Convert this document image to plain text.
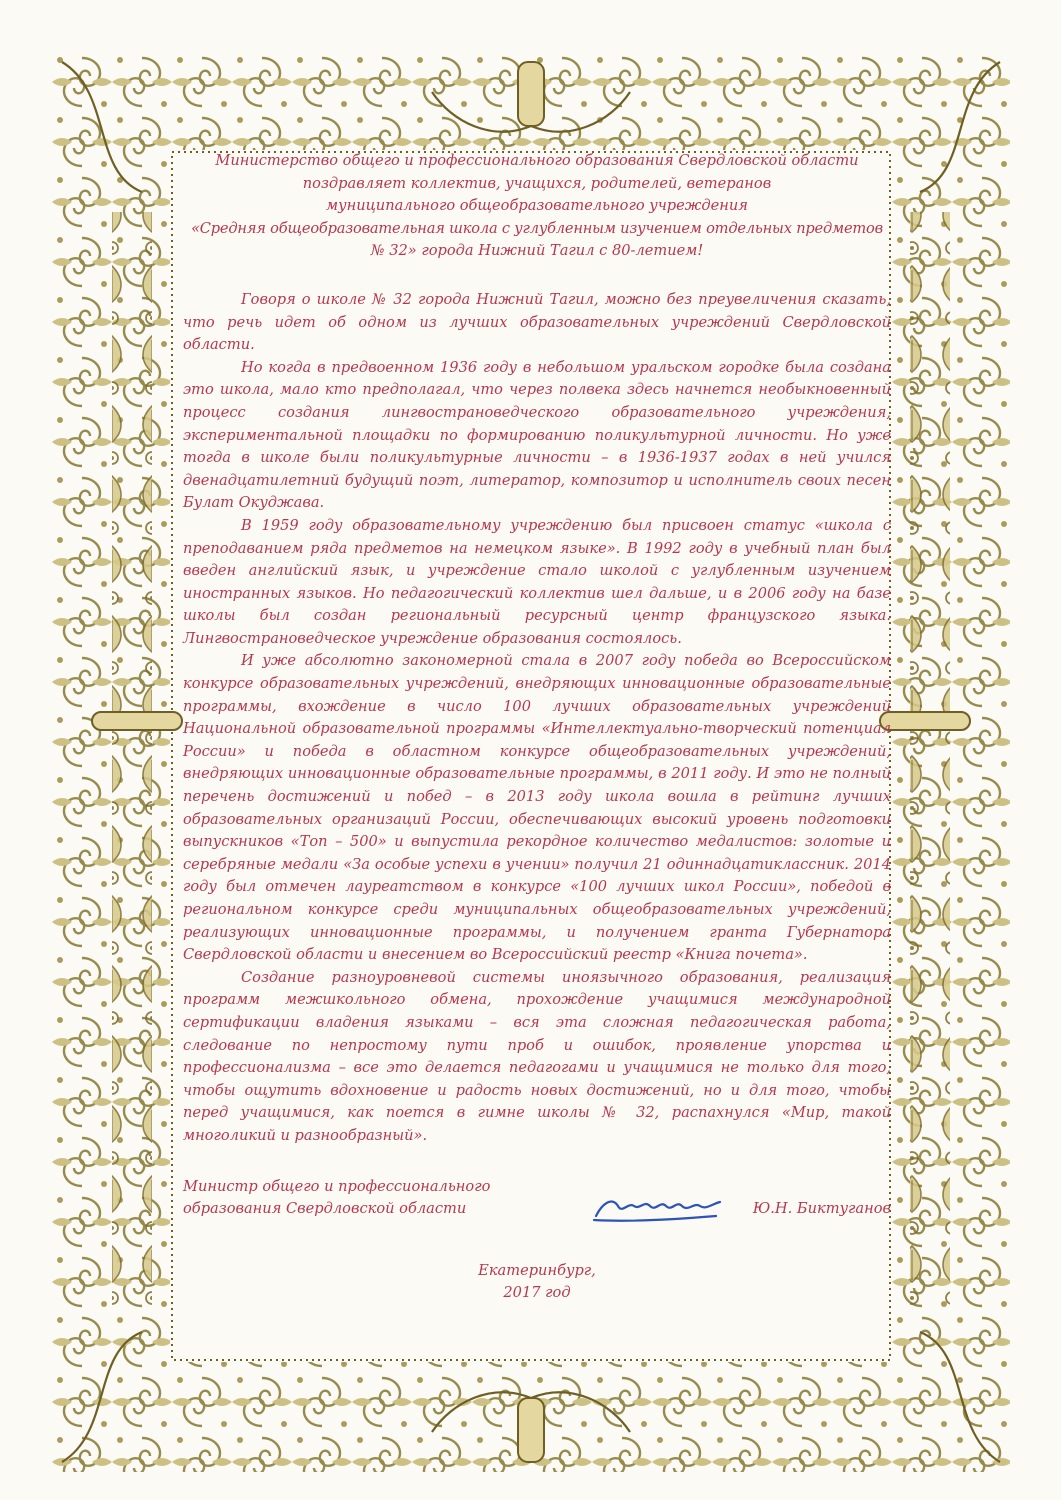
Министерство общего и профессионального образования Свердловской области
поздравляет коллектив, учащихся, родителей, ветеранов
муниципального общеобразовательного учреждения
«Средняя общеобразовательная школа с углубленным изучением отдельных предметов
№ 32» города Нижний Тагил с 80-летием!

Говоря о школе № 32 города Нижний Тагил, можно без преувеличения сказать, что речь идет об одном из лучших образовательных учреждений Свердловской области.

Но когда в предвоенном 1936 году в небольшом уральском городке была создана это школа, мало кто предполагал, что через полвека здесь начнется необыкновенный процесс создания лингвострановедческого образовательного учреждения, экспериментальной площадки по формированию поликультурной личности. Но уже тогда в школе были поликультурные личности – в 1936-1937 годах в ней учился двенадцатилетний будущий поэт, литератор, композитор и исполнитель своих песен Булат Окуджава.

В 1959 году образовательному учреждению был присвоен статус «школа с преподаванием ряда предметов на немецком языке». В 1992 году в учебный план был введен английский язык, и учреждение стало школой с углубленным изучением иностранных языков. Но педагогический коллектив шел дальше, и в 2006 году на базе школы был создан региональный ресурсный центр французского языка. Лингвострановедческое учреждение образования состоялось.

И уже абсолютно закономерной стала в 2007 году победа во Всероссийском конкурсе образовательных учреждений, внедряющих инновационные образовательные программы, вхождение в число 100 лучших образовательных учреждений Национальной образовательной программы «Интеллектуально-творческий потенциал России» и победа в областном конкурсе общеобразовательных учреждений, внедряющих инновационные образовательные программы, в 2011 году. И это не полный перечень достижений и побед – в 2013 году школа вошла в рейтинг лучших образовательных организаций России, обеспечивающих высокий уровень подготовки выпускников «Топ – 500» и выпустила рекордное количество медалистов: золотые и серебряные медали «За особые успехи в учении» получил 21 одиннадцатиклассник. 2014 году был отмечен лауреатством в конкурсе «100 лучших школ России», победой в региональном конкурсе среди муниципальных общеобразовательных учреждений, реализующих инновационные программы, и получением гранта Губернатора Свердловской области и внесением во Всероссийский реестр «Книга почета».

Создание разноуровневой системы иноязычного образования, реализация программ межшкольного обмена, прохождение учащимися международной сертификации владения языками – вся эта сложная педагогическая работа, следование по непростому пути проб и ошибок, проявление упорства и профессионализма – все это делается педагогами и учащимися не только для того, чтобы ощутить вдохновение и радость новых достижений, но и для того, чтобы перед учащимися, как поется в гимне школы № 32, распахнулся «Мир, такой многоликий и разнообразный».

Министр общего и профессионального
образования Свердловской области	Ю.Н. Биктуганов
Екатеринбург,
2017 год
